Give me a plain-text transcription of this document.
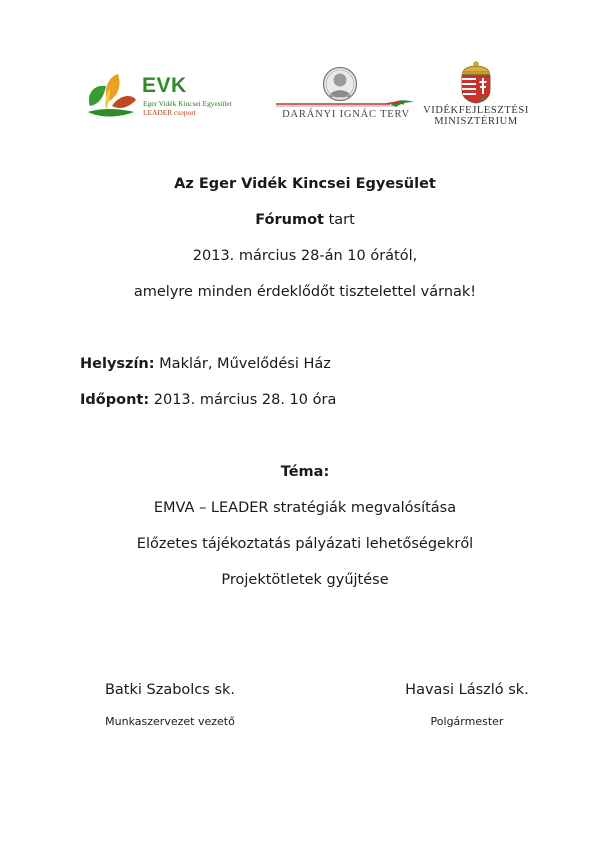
EVK
Eger Vidék Kincsei Egyesület
LEADER csoport	DARÁNYI IGNÁC TERV	VIDÉKFEJLESZTÉSI
MINISZTÉRIUM
Az Eger Vidék Kincsei Egyesület
Fórumot tart
2013. március 28-án 10 órától,
amelyre minden érdeklődőt tisztelettel várnak!
Helyszín: Maklár, Művelődési Ház
Időpont: 2013. március 28. 10 óra
Téma:
EMVA – LEADER stratégiák megvalósítása
Előzetes tájékoztatás pályázati lehetőségekről
Projektötletek gyűjtése
Batki Szabolcs sk.
Munkaszervezet vezető
Havasi László sk.
Polgármester
